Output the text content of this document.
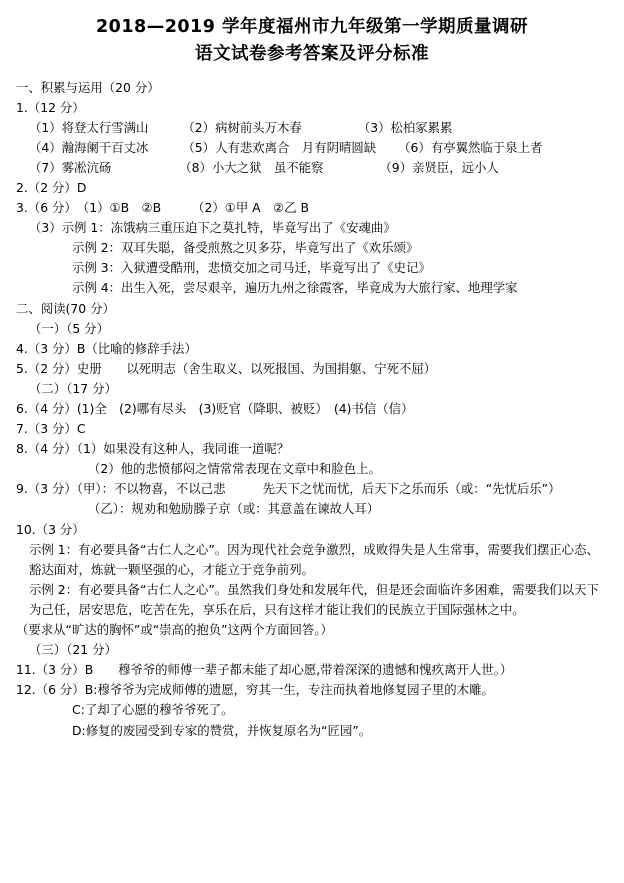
2018—2019 学年度福州市九年级第一学期质量调研
语文试卷参考答案及评分标准
一、积累与运用（20 分）
1.（12 分）
（1）将登太行雪满山	（2）病树前头万木春	（3）松柏冢累累
（4）瀚海阑干百丈冰	（5）人有悲欢离合　月有阴晴圆缺 （6）有亭翼然临于泉上者
（7）雾凇沆砀	（8）小大之狱　虽不能察	（9）亲贤臣，远小人
2.（2 分）D
3.（6 分）　（1）①B　②B　　　（2）①甲 A　②乙 B
（3）示例 1：冻饿病三重压迫下之莫扎特，毕竟写出了《安魂曲》
示例 2：双耳失聪，备受煎熬之贝多芬，毕竟写出了《欢乐颂》
示例 3：入狱遭受酷刑，悲愤交加之司马迁，毕竟写出了《史记》
示例 4：出生入死，尝尽艰辛，遍历九州之徐霞客，毕竟成为大旅行家、地理学家
二、阅读(70 分）
（一）（5 分）
4.（3 分）B（比喻的修辞手法）
5.（2 分）史册　　以死明志（舍生取义、以死报国、为国捐躯、宁死不屈）
（二）（17 分）
6.（4 分）(1)全　(2)哪有尽头　(3)贬官（降职、被贬）　(4)书信（信）
7.（3 分）C
8.（4 分）（1）如果没有这种人，我同谁一道呢？
（2）他的悲愤郁闷之情常常表现在文章中和脸色上。
9.（3 分）（甲）：不以物喜，不以己悲　　　先天下之忧而忧，后天下之乐而乐（或：“先忧后乐”）
（乙）：规劝和勉励滕子京（或：其意盖在谏故人耳）
10.（3 分）
示例 1：有必要具备“古仁人之心”。因为现代社会竞争激烈，成败得失是人生常事，需要我们摆正心态、豁达面对，炼就一颗坚强的心，才能立于竞争前列。
示例 2：有必要具备“古仁人之心”。虽然我们身处和发展年代，但是还会面临许多困难，需要我们以天下为己任，居安思危，吃苦在先，享乐在后，只有这样才能让我们的民族立于国际强林之中。
（要求从“旷达的胸怀”或“崇高的抱负”这两个方面回答。）
（三）（21 分）
11.（3 分）B　　穆爷爷的师傅一辈子都未能了却心愿,带着深深的遗憾和愧疚离开人世。）
12.（6 分）B:穆爷爷为完成师傅的遗愿，穷其一生，专注而执着地修复园子里的木雕。
C:了却了心愿的穆爷爷死了。
D:修复的废园受到专家的赞赏，并恢复原名为“匠园”。
